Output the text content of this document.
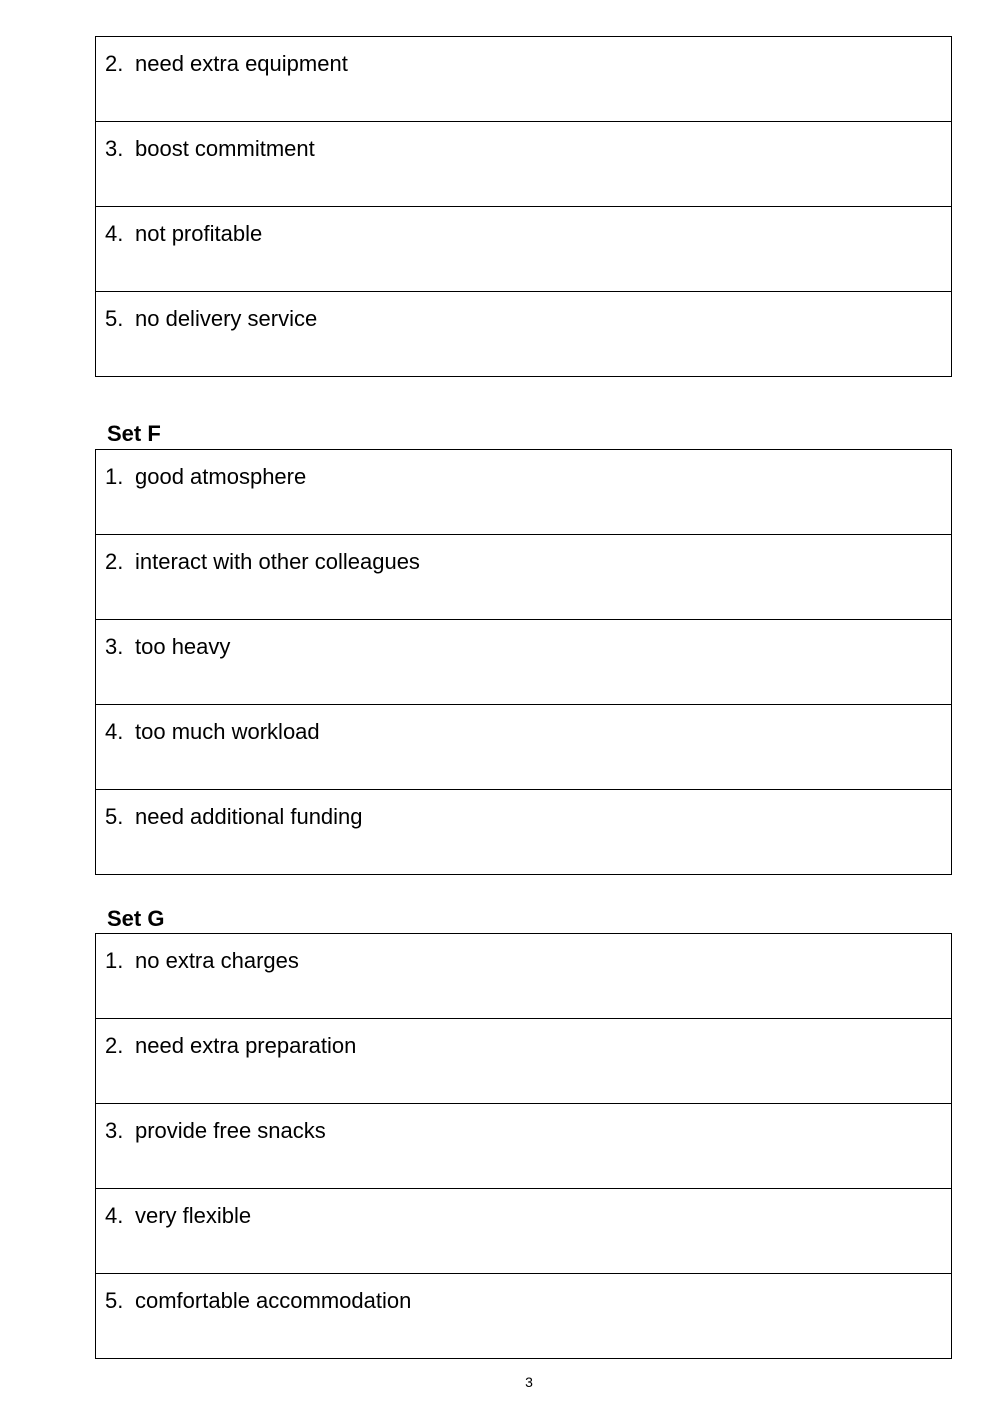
2. need extra equipment
3. boost commitment
4. not profitable
5. no delivery service
Set F
1. good atmosphere
2. interact with other colleagues
3. too heavy
4. too much workload
5. need additional funding
Set G
1. no extra charges
2. need extra preparation
3. provide free snacks
4. very flexible
5. comfortable accommodation
3
